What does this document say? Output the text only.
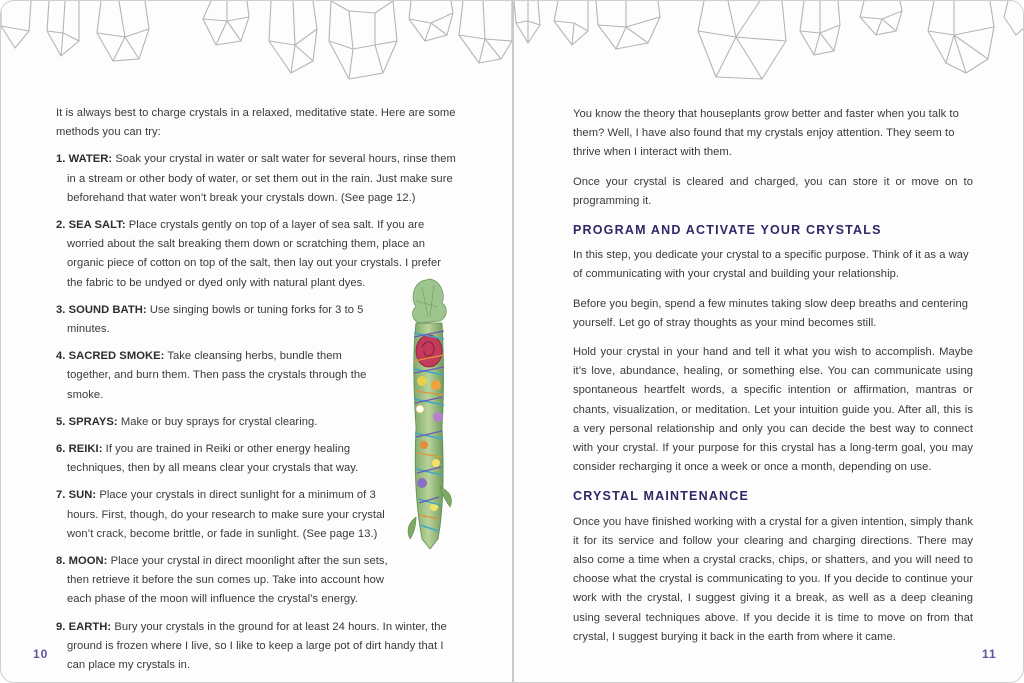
It is always best to charge crystals in a relaxed, meditative state. Here are some methods you can try:

1. WATER: Soak your crystal in water or salt water for several hours, rinse them in a stream or other body of water, or set them out in the rain. Just make sure beforehand that water won’t break your crystals down. (See page 12.)
2. SEA SALT: Place crystals gently on top of a layer of sea salt. If you are worried about the salt breaking them down or scratching them, place an organic piece of cotton on top of the salt, then lay out your crystals. I prefer the fabric to be undyed or dyed only with natural plant dyes.
3. SOUND BATH: Use singing bowls or tuning forks for 3 to 5 minutes.
4. SACRED SMOKE: Take cleansing herbs, bundle them together, and burn them. Then pass the crystals through the smoke.
5. SPRAYS: Make or buy sprays for crystal clearing.
6. REIKI: If you are trained in Reiki or other energy healing techniques, then by all means clear your crystals that way.
7. SUN: Place your crystals in direct sunlight for a minimum of 3 hours. First, though, do your research to make sure your crystal won’t crack, become brittle, or fade in sunlight. (See page 13.)
8. MOON: Place your crystal in direct moonlight after the sun sets, then retrieve it before the sun comes up. Take into account how each phase of the moon will influence the crystal’s energy.
9. EARTH: Bury your crystals in the ground for at least 24 hours. In winter, the ground is frozen where I live, so I like to keep a large pot of dirt handy that I can place my crystals in.
10

You know the theory that houseplants grow better and faster when you talk to them? Well, I have also found that my crystals enjoy attention. They seem to thrive when I interact with them.

Once your crystal is cleared and charged, you can store it or move on to programming it.

PROGRAM AND ACTIVATE YOUR CRYSTALS

In this step, you dedicate your crystal to a specific purpose. Think of it as a way of communicating with your crystal and building your relationship.

Before you begin, spend a few minutes taking slow deep breaths and centering yourself. Let go of stray thoughts as your mind becomes still.

Hold your crystal in your hand and tell it what you wish to accomplish. Maybe it’s love, abundance, healing, or something else. You can communicate using spontaneous heartfelt words, a specific intention or affirmation, mantras or chants, visualization, or meditation. Let your intuition guide you. After all, this is a very personal relationship and only you can decide the best way to connect with your crystal. If your purpose for this crystal has a long-term goal, you may consider recharging it once a week or once a month, depending on use.

CRYSTAL MAINTENANCE

Once you have finished working with a crystal for a given intention, simply thank it for its service and follow your clearing and charging directions. There may also come a time when a crystal cracks, chips, or shatters, and you will need to choose what the crystal is communicating to you. If you decide to continue your work with the crystal, I suggest giving it a break, as well as a deep cleaning using several techniques above. If you decide it is time to move on from that crystal, I suggest burying it back in the earth from where it came.

11
